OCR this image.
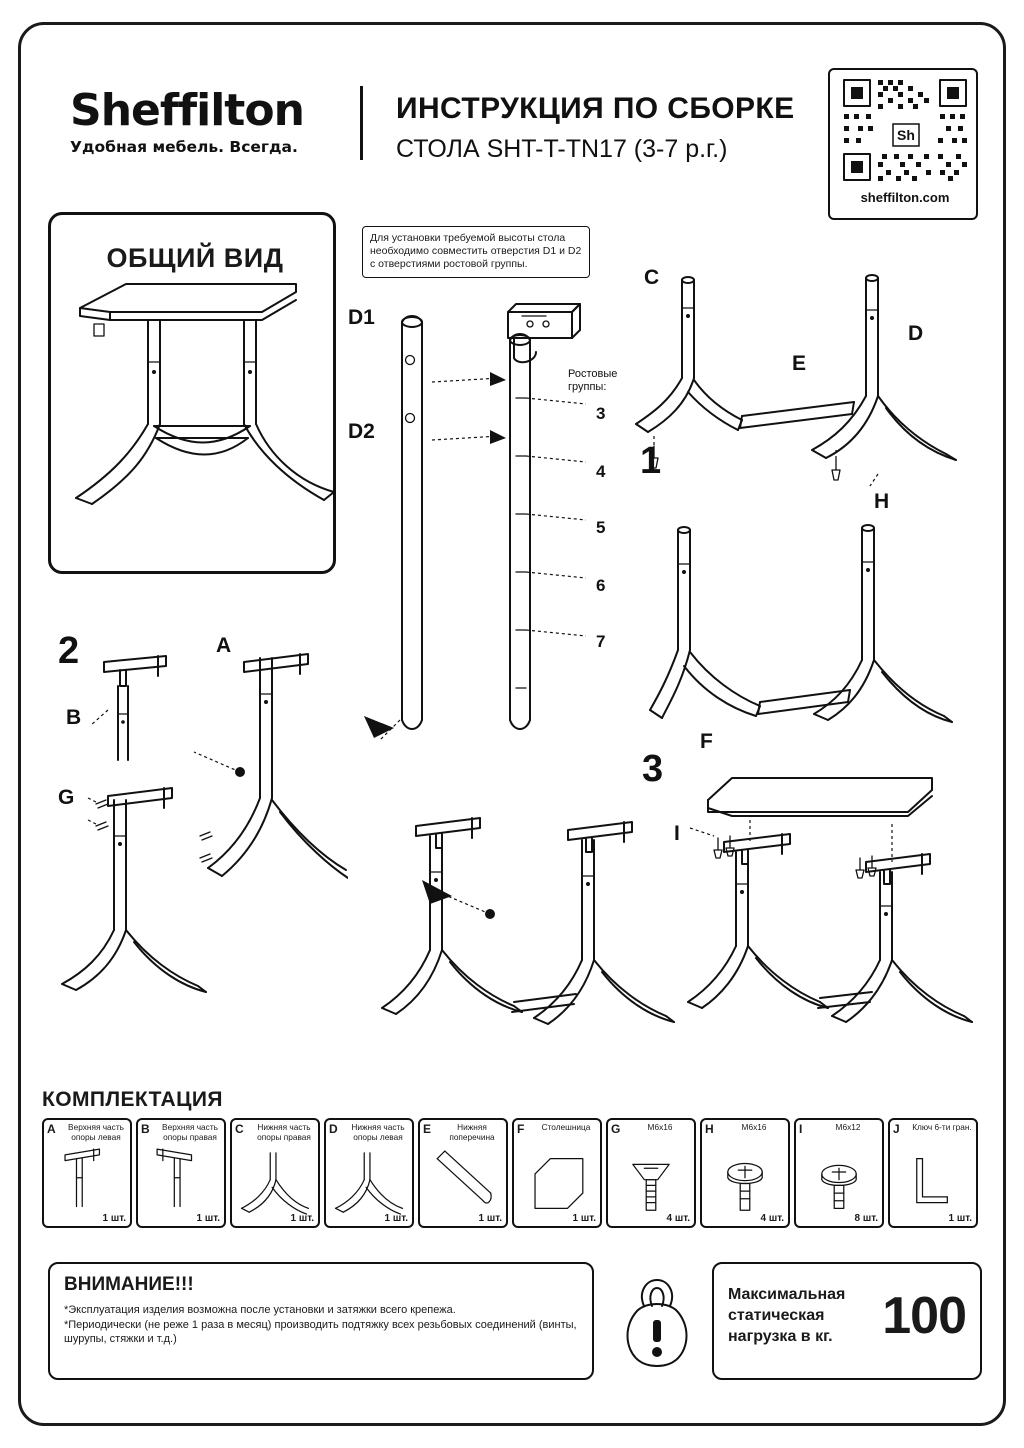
Sheffilton
Удобная мебель. Всегда.
ИНСТРУКЦИЯ ПО СБОРКЕ
СТОЛА SHT-T-TN17 (3-7 р.г.)	Sh
sheffilton.com
ОБЩИЙ ВИД
Для установки требуемой высоты стола необходимо совместить отверстия D1 и D2 с отверстиями ростовой группы.
D1
D2
Ростовые
группы:
3
4
5
6
7
1
C
D
E
H
2	A
B
G
3
F
I
КОМПЛЕКТАЦИЯ
A	Верхняя часть опоры левая
1 шт.
B	Верхняя часть опоры правая
1 шт.
C	Нижняя часть опоры правая
1 шт.
D	Нижняя часть опоры левая
1 шт.
E	Нижняя поперечина
1 шт.
F	Столешница
1 шт.
G	M6x16
4 шт.
H	M6x16
4 шт.
I	M6x12
8 шт.
J Ключ 6-ти гран.
1 шт.
ВНИМАНИЕ!!!
*Эксплуатация изделия возможна после установки и затяжки всего крепежа.
*Периодически (не реже 1 раза в месяц) производить подтяжку всех резьбовых соединений (винты, шурупы, стяжки и т.д.)
Максимальная
статическая
нагрузка в кг. 100
